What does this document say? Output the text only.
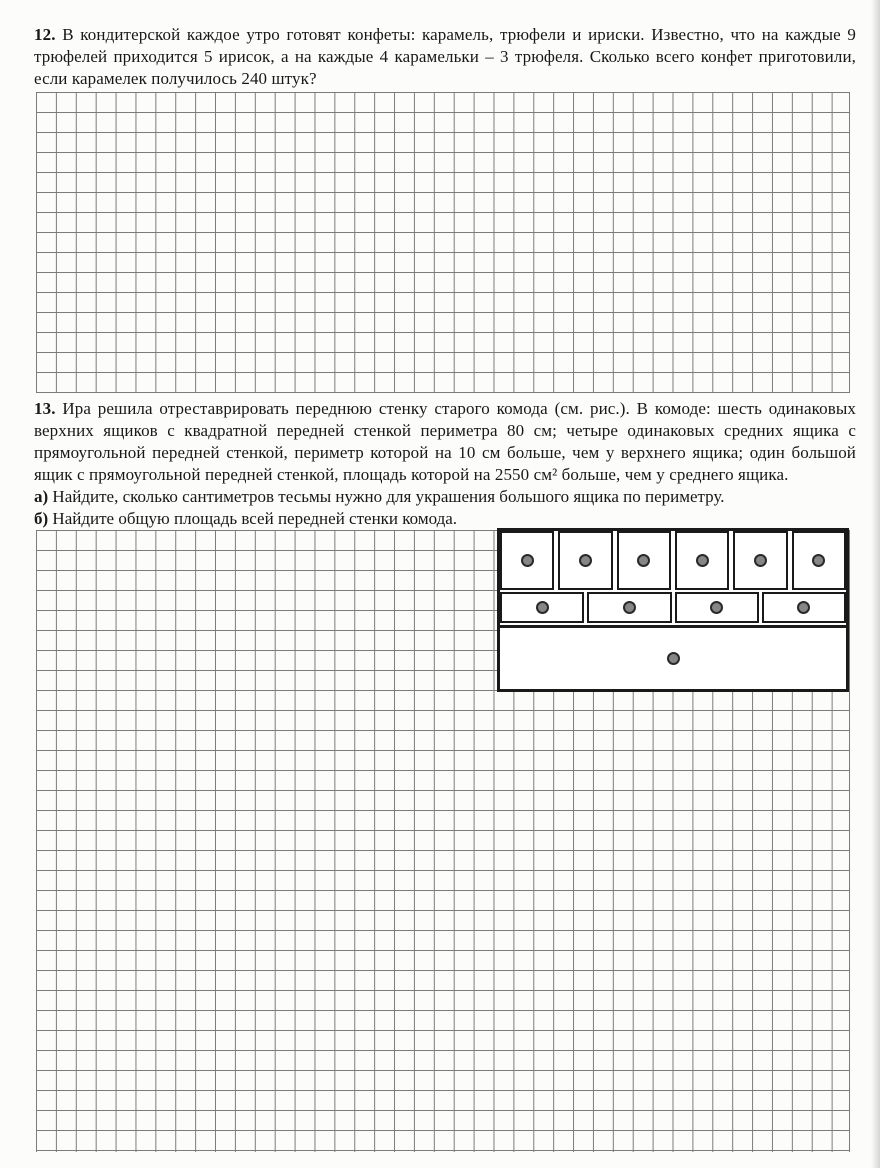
12. В кондитерской каждое утро готовят конфеты: карамель, трюфели и ириски. Известно, что на каждые 9 трюфелей приходится 5 ирисок, а на каждые 4 карамельки – 3 трюфеля. Сколько всего конфет приготовили, если карамелек получилось 240 штук?
13. Ира решила отреставрировать переднюю стенку старого комода (см. рис.). В комоде: шесть одинаковых верхних ящиков с квадратной передней стенкой периметра 80 см; четыре одинаковых средних ящика с прямоугольной передней стенкой, периметр которой на 10 см больше, чем у верхнего ящика; один большой ящик с прямоугольной передней стенкой, площадь которой на 2550 см² больше, чем у среднего ящика.
а) Найдите, сколько сантиметров тесьмы нужно для украшения большого ящика по периметру.
б) Найдите общую площадь всей передней стенки комода.
